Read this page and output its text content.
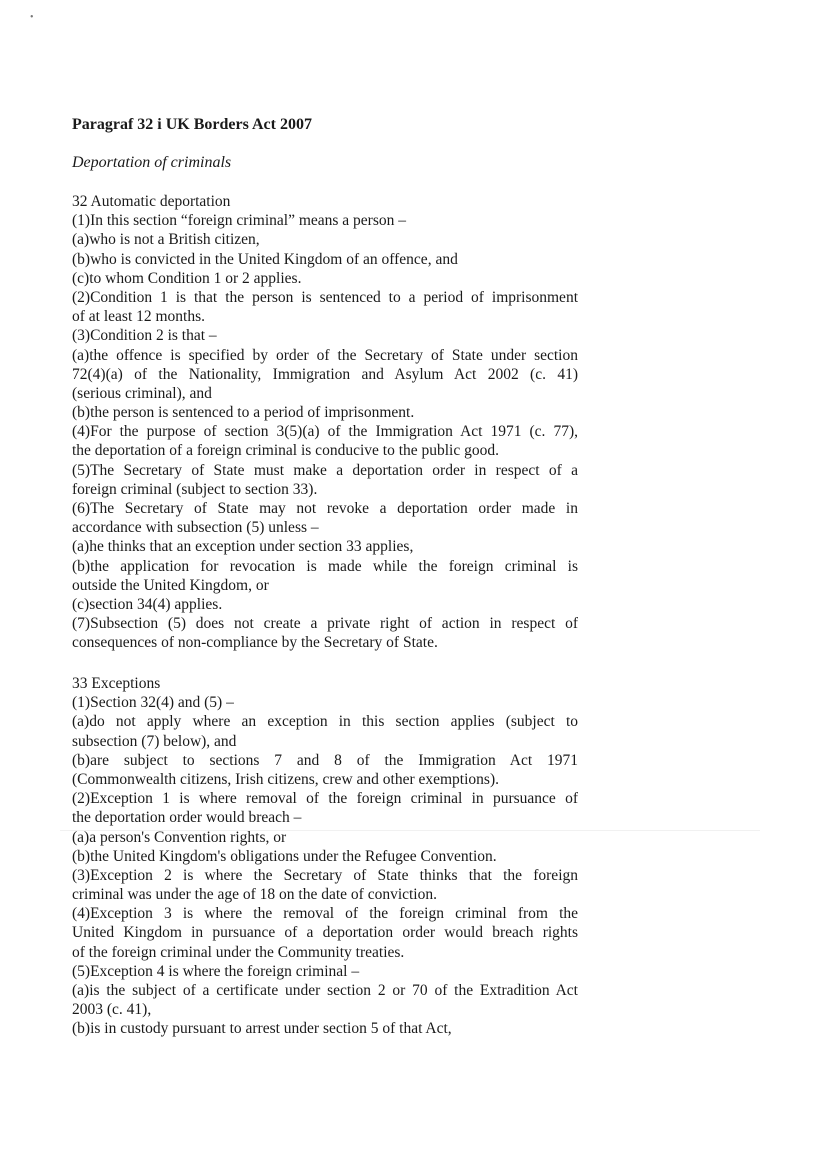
•
Paragraf 32 i UK Borders Act 2007
Deportation of criminals
32 Automatic deportation
(1)In this section “foreign criminal” means a person –
(a)who is not a British citizen,
(b)who is convicted in the United Kingdom of an offence, and
(c)to whom Condition 1 or 2 applies.
(2)Condition 1 is that the person is sentenced to a period of imprisonment
of at least 12 months.
(3)Condition 2 is that –
(a)the offence is specified by order of the Secretary of State under section
72(4)(a) of the Nationality, Immigration and Asylum Act 2002 (c. 41)
(serious criminal), and
(b)the person is sentenced to a period of imprisonment.
(4)For the purpose of section 3(5)(a) of the Immigration Act 1971 (c. 77),
the deportation of a foreign criminal is conducive to the public good.
(5)The Secretary of State must make a deportation order in respect of a
foreign criminal (subject to section 33).
(6)The Secretary of State may not revoke a deportation order made in
accordance with subsection (5) unless –
(a)he thinks that an exception under section 33 applies,
(b)the application for revocation is made while the foreign criminal is
outside the United Kingdom, or
(c)section 34(4) applies.
(7)Subsection (5) does not create a private right of action in respect of
consequences of non-compliance by the Secretary of State.
33 Exceptions
(1)Section 32(4) and (5) –
(a)do not apply where an exception in this section applies (subject to
subsection (7) below), and
(b)are subject to sections 7 and 8 of the Immigration Act 1971
(Commonwealth citizens, Irish citizens, crew and other exemptions).
(2)Exception 1 is where removal of the foreign criminal in pursuance of
the deportation order would breach –
(a)a person's Convention rights, or
(b)the United Kingdom's obligations under the Refugee Convention.
(3)Exception 2 is where the Secretary of State thinks that the foreign
criminal was under the age of 18 on the date of conviction.
(4)Exception 3 is where the removal of the foreign criminal from the
United Kingdom in pursuance of a deportation order would breach rights
of the foreign criminal under the Community treaties.
(5)Exception 4 is where the foreign criminal –
(a)is the subject of a certificate under section 2 or 70 of the Extradition Act
2003 (c. 41),
(b)is in custody pursuant to arrest under section 5 of that Act,
